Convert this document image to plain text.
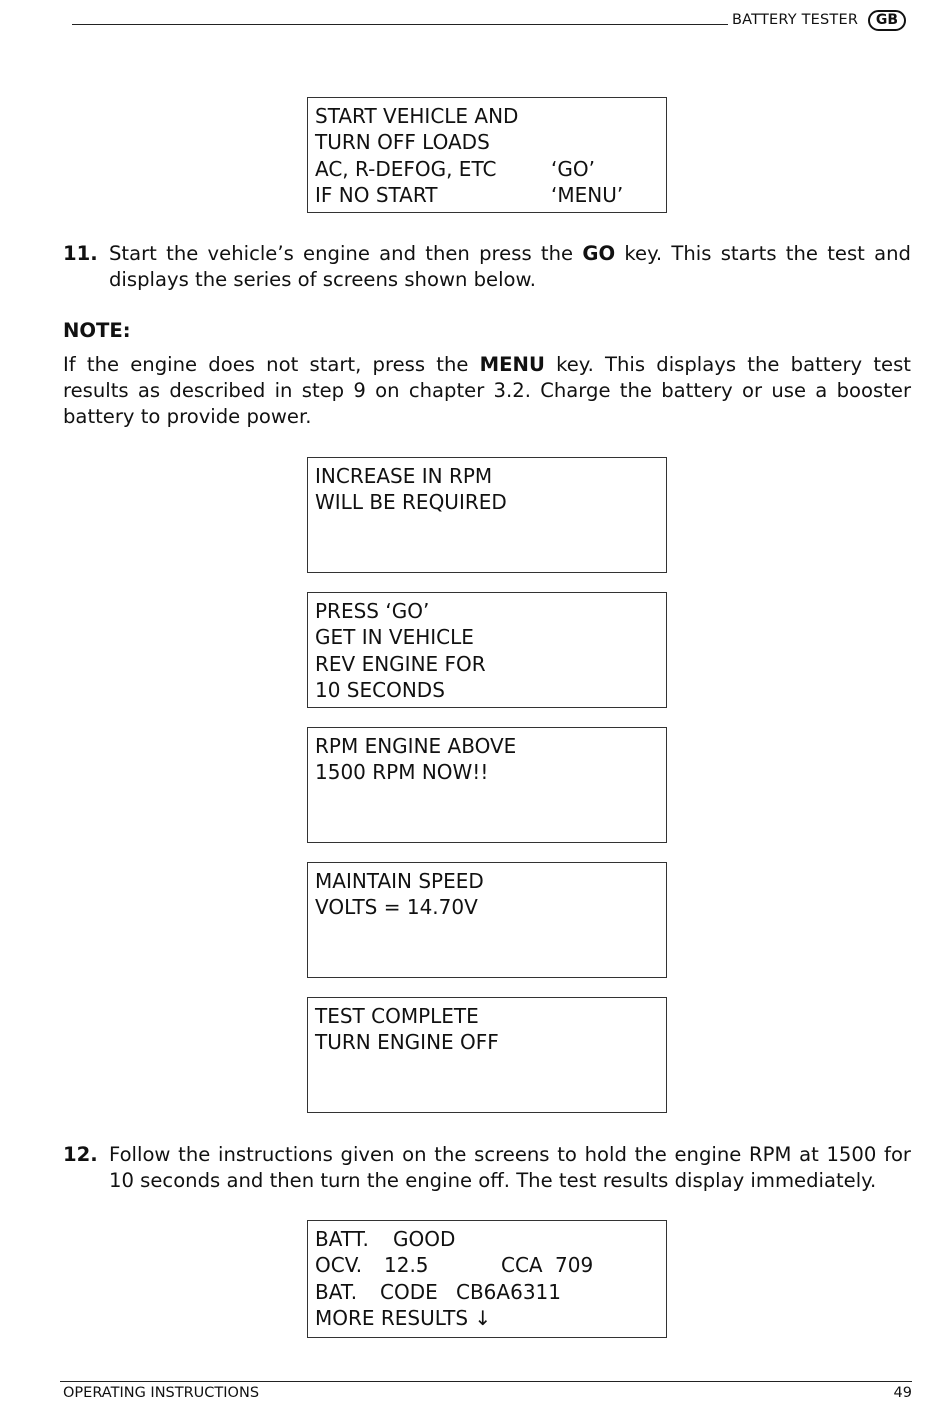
BATTERY TESTER	GB
START VEHICLE AND
TURN OFF LOADS
AC, R-DEFOG, ETC	‘GO’
IF NO START	‘MENU’
11. Start the vehicle’s engine and then press the GO key. This starts the test and displays the series of screens shown below.
NOTE:
If the engine does not start, press the MENU key. This displays the battery test results as described in step 9 on chapter 3.2. Charge the battery or use a booster battery to provide power.
INCREASE IN RPM
WILL BE REQUIRED
PRESS ‘GO’
GET IN VEHICLE
REV ENGINE FOR
10 SECONDS
RPM ENGINE ABOVE
1500 RPM NOW!!
MAINTAIN SPEED
VOLTS = 14.70V
TEST COMPLETE
TURN ENGINE OFF
12. Follow the instructions given on the screens to hold the engine RPM at 1500 for 10 seconds and then turn the engine off. The test results display immediately.
BATT. GOOD
OCV. 12.5	CCA 709
BAT. CODE CB6A6311
MORE RESULTS ↓
OPERATING INSTRUCTIONS	49
